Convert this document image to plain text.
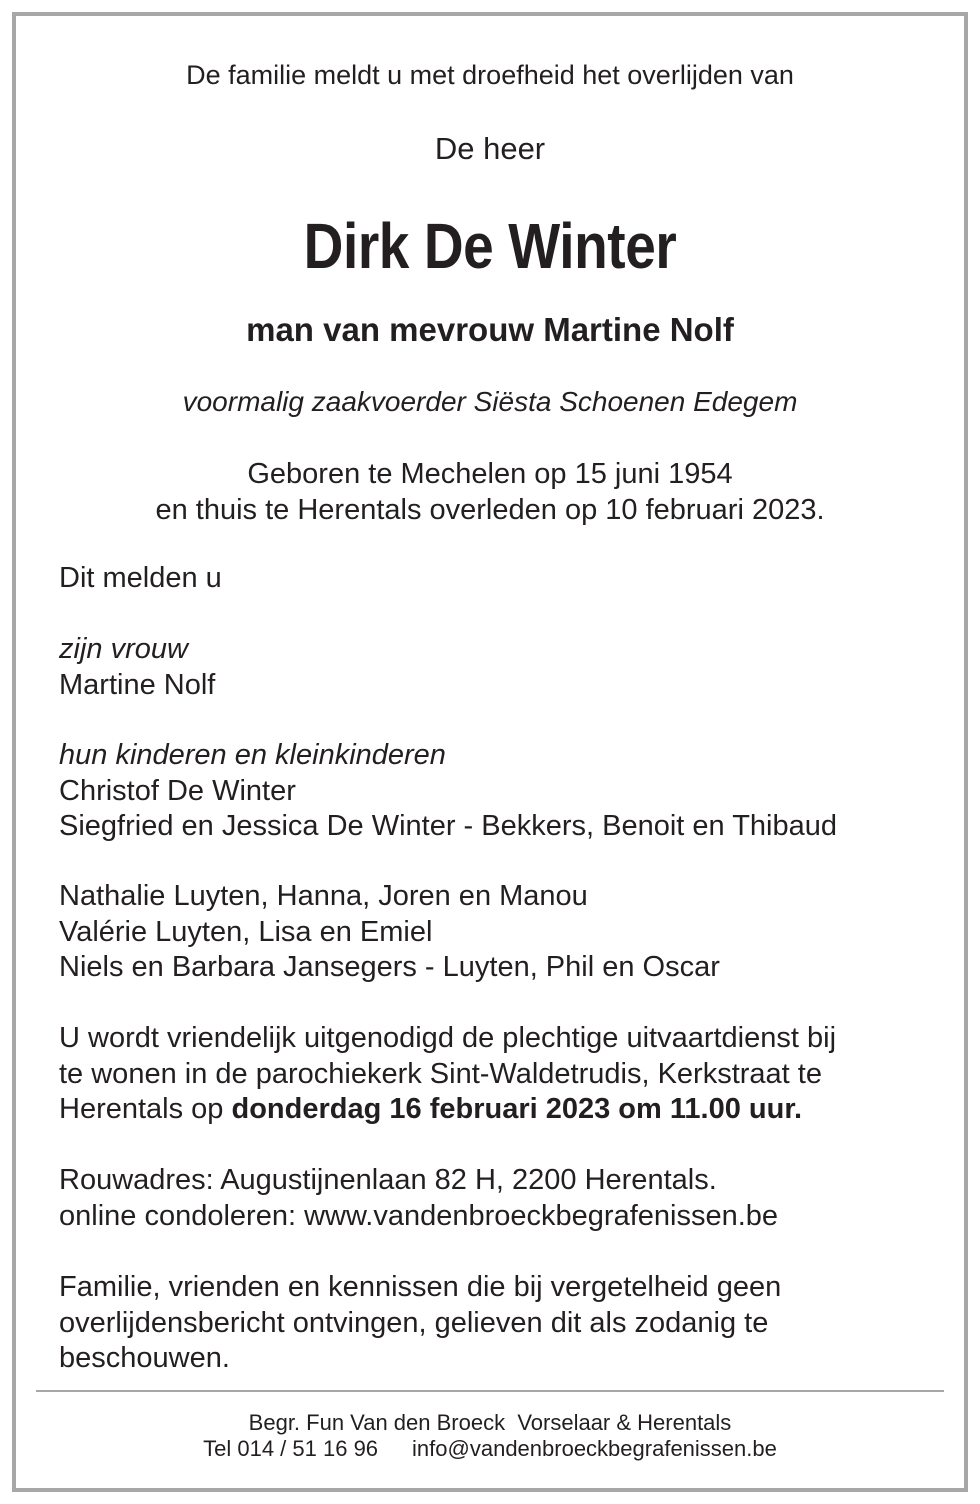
De familie meldt u met droefheid het overlijden van

De heer

Dirk De Winter

man van mevrouw Martine Nolf

voormalig zaakvoerder Siësta Schoenen Edegem

Geboren te Mechelen op 15 juni 1954
en thuis te Herentals overleden op 10 februari 2023.

Dit melden u

zijn vrouw
Martine Nolf

hun kinderen en kleinkinderen
Christof De Winter
Siegfried en Jessica De Winter - Bekkers, Benoit en Thibaud

Nathalie Luyten, Hanna, Joren en Manou
Valérie Luyten, Lisa en Emiel
Niels en Barbara Jansegers - Luyten, Phil en Oscar

U wordt vriendelijk uitgenodigd de plechtige uitvaartdienst bij
te wonen in de parochiekerk Sint-Waldetrudis, Kerkstraat te
Herentals op donderdag 16 februari 2023 om 11.00 uur.

Rouwadres: Augustijnenlaan 82 H, 2200 Herentals.
online condoleren: www.vandenbroeckbegrafenissen.be

Familie, vrienden en kennissen die bij vergetelheid geen
overlijdensbericht ontvingen, gelieven dit als zodanig te
beschouwen.

Begr. Fun Van den Broeck  Vorselaar & Herentals
Tel 014 / 51 16 96 info@vandenbroeckbegrafenissen.be
